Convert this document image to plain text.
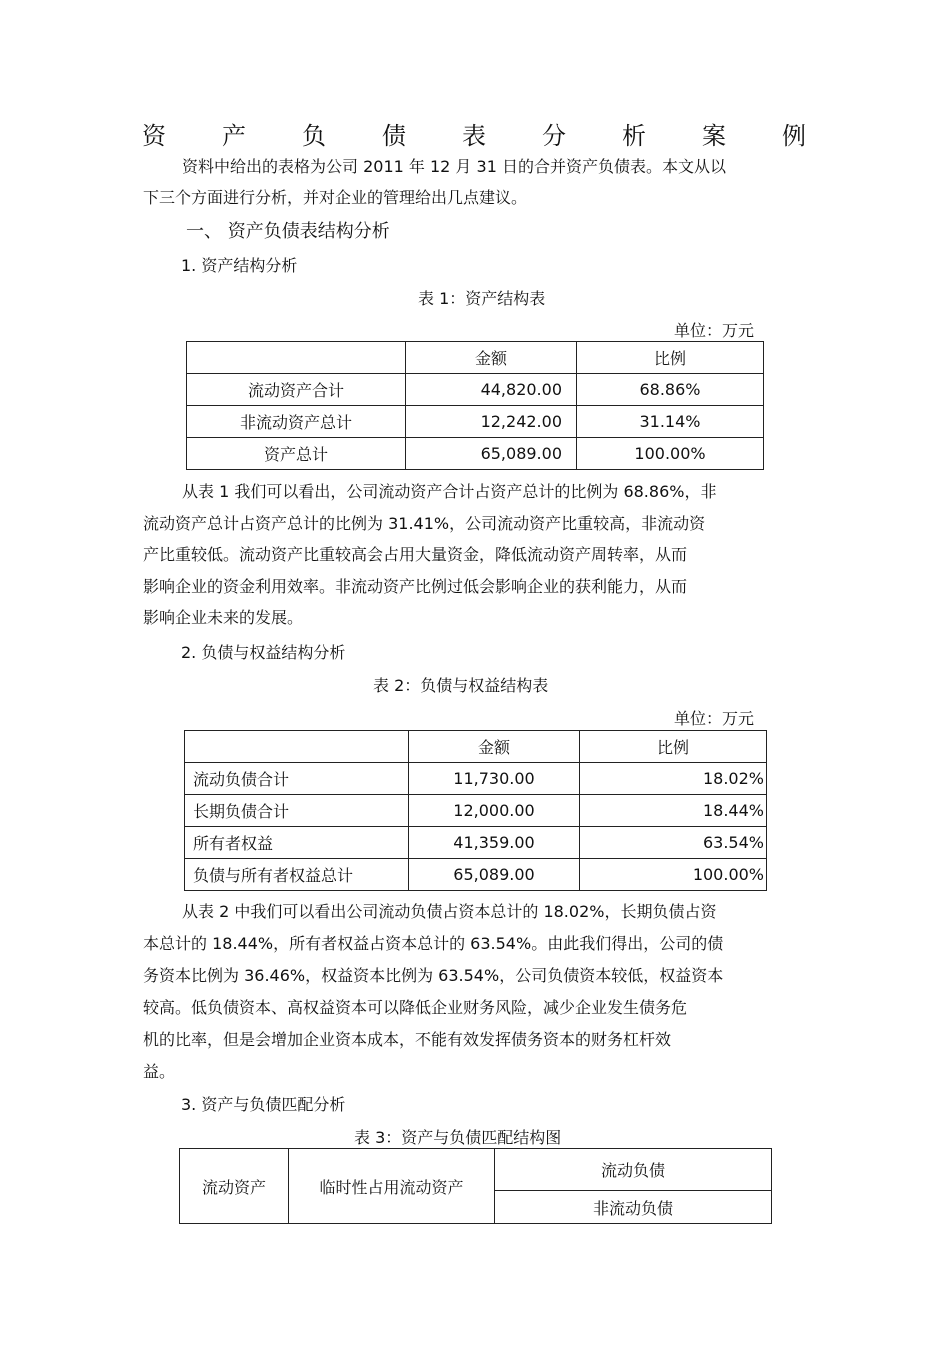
资 产 负 债 表 分 析 案 例
资料中给出的表格为公司 2011 年 12 月 31 日的合并资产负债表。本文从以
下三个方面进行分析，并对企业的管理给出几点建议。
一、 资产负债表结构分析
1. 资产结构分析
表 1：资产结构表
单位：万元
	金额	比例
流动资产合计	44,820.00	68.86%
非流动资产总计	12,242.00	31.14%
资产总计	65,089.00	100.00%
从表 1 我们可以看出，公司流动资产合计占资产总计的比例为 68.86%，非
流动资产总计占资产总计的比例为 31.41%，公司流动资产比重较高，非流动资
产比重较低。流动资产比重较高会占用大量资金，降低流动资产周转率，从而
影响企业的资金利用效率。非流动资产比例过低会影响企业的获利能力，从而
影响企业未来的发展。
2. 负债与权益结构分析
表 2：负债与权益结构表
单位：万元
	金额	比例
流动负债合计	11,730.00	18.02%
长期负债合计	12,000.00	18.44%
所有者权益	41,359.00	63.54%
负债与所有者权益总计	65,089.00	100.00%
从表 2 中我们可以看出公司流动负债占资本总计的 18.02%，长期负债占资
本总计的 18.44%，所有者权益占资本总计的 63.54%。由此我们得出，公司的债
务资本比例为 36.46%，权益资本比例为 63.54%，公司负债资本较低，权益资本
较高。低负债资本、高权益资本可以降低企业财务风险，减少企业发生债务危
机的比率，但是会增加企业资本成本，不能有效发挥债务资本的财务杠杆效
益。
3. 资产与负债匹配分析
表 3：资产与负债匹配结构图
流动资产	临时性占用流动资产	流动负债
非流动负债
